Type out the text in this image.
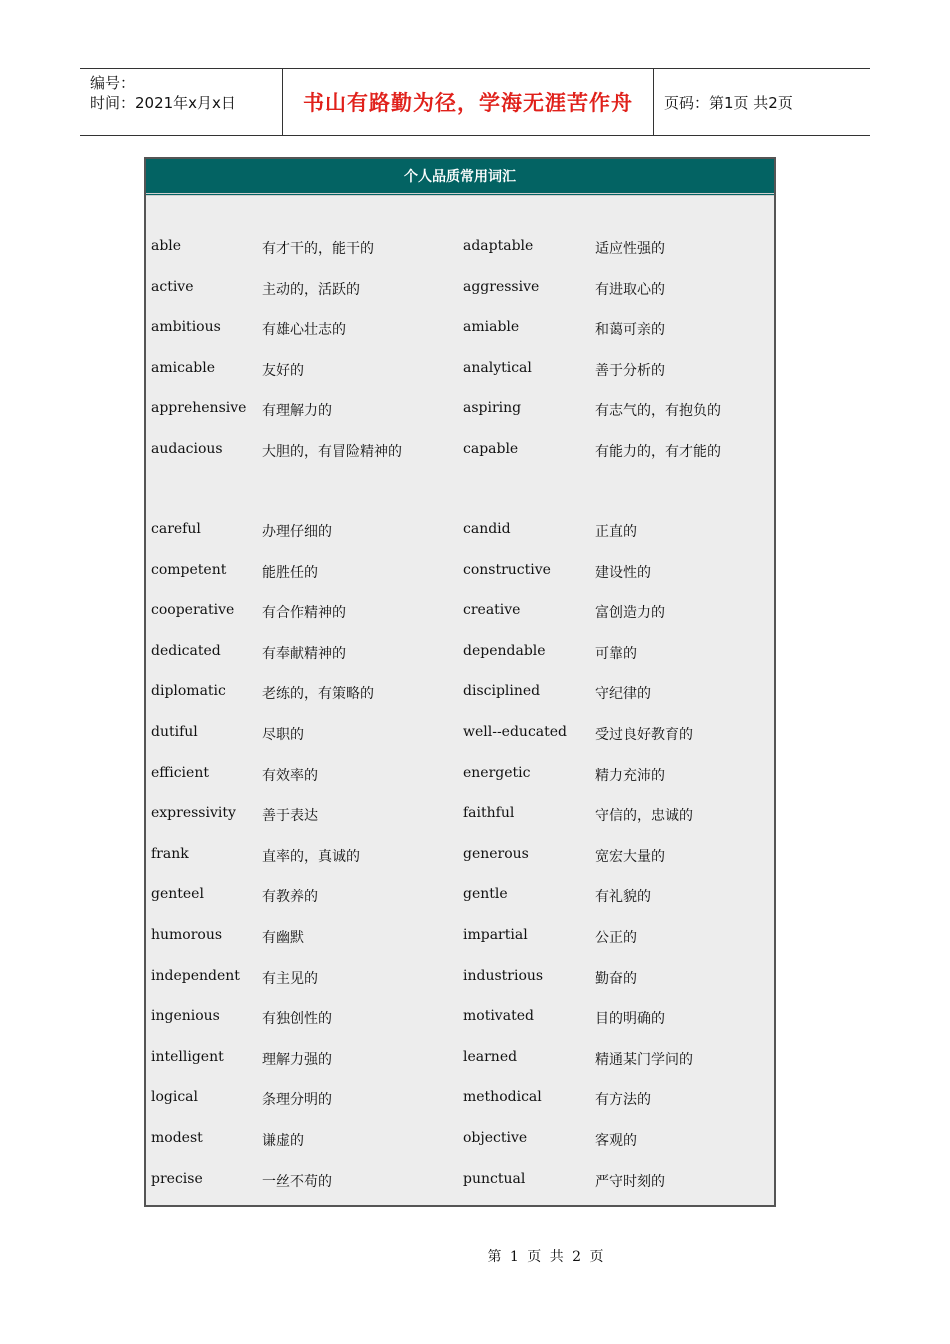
编号：
时间：2021年x月x日	书山有路勤为径，学海无涯苦作舟	页码：第1页 共2页
个人品质常用词汇
able	有才干的，能干的	adaptable	适应性强的
active	主动的，活跃的	aggressive	有进取心的
ambitious	有雄心壮志的	amiable	和蔼可亲的
amicable	友好的	analytical	善于分析的
apprehensive 有理解力的	aspiring	有志气的，有抱负的
audacious	大胆的，有冒险精神的	capable	有能力的，有才能的
careful	办理仔细的	candid	正直的
competent	能胜任的	constructive	建设性的
cooperative 有合作精神的	creative	富创造力的
dedicated	有奉献精神的	dependable	可靠的
diplomatic	老练的，有策略的	disciplined	守纪律的
dutiful	尽职的	well--educated 受过良好教育的
efficient	有效率的	energetic	精力充沛的
expressivity 善于表达	faithful	守信的，忠诚的
frank	直率的，真诚的	generous	宽宏大量的
genteel	有教养的	gentle	有礼貌的
humorous	有幽默	impartial	公正的
independent 有主见的	industrious	勤奋的
ingenious	有独创性的	motivated	目的明确的
intelligent	理解力强的	learned	精通某门学问的
logical	条理分明的	methodical	有方法的
modest	谦虚的	objective	客观的
precise	一丝不苟的	punctual	严守时刻的
第 1 页 共 2 页
